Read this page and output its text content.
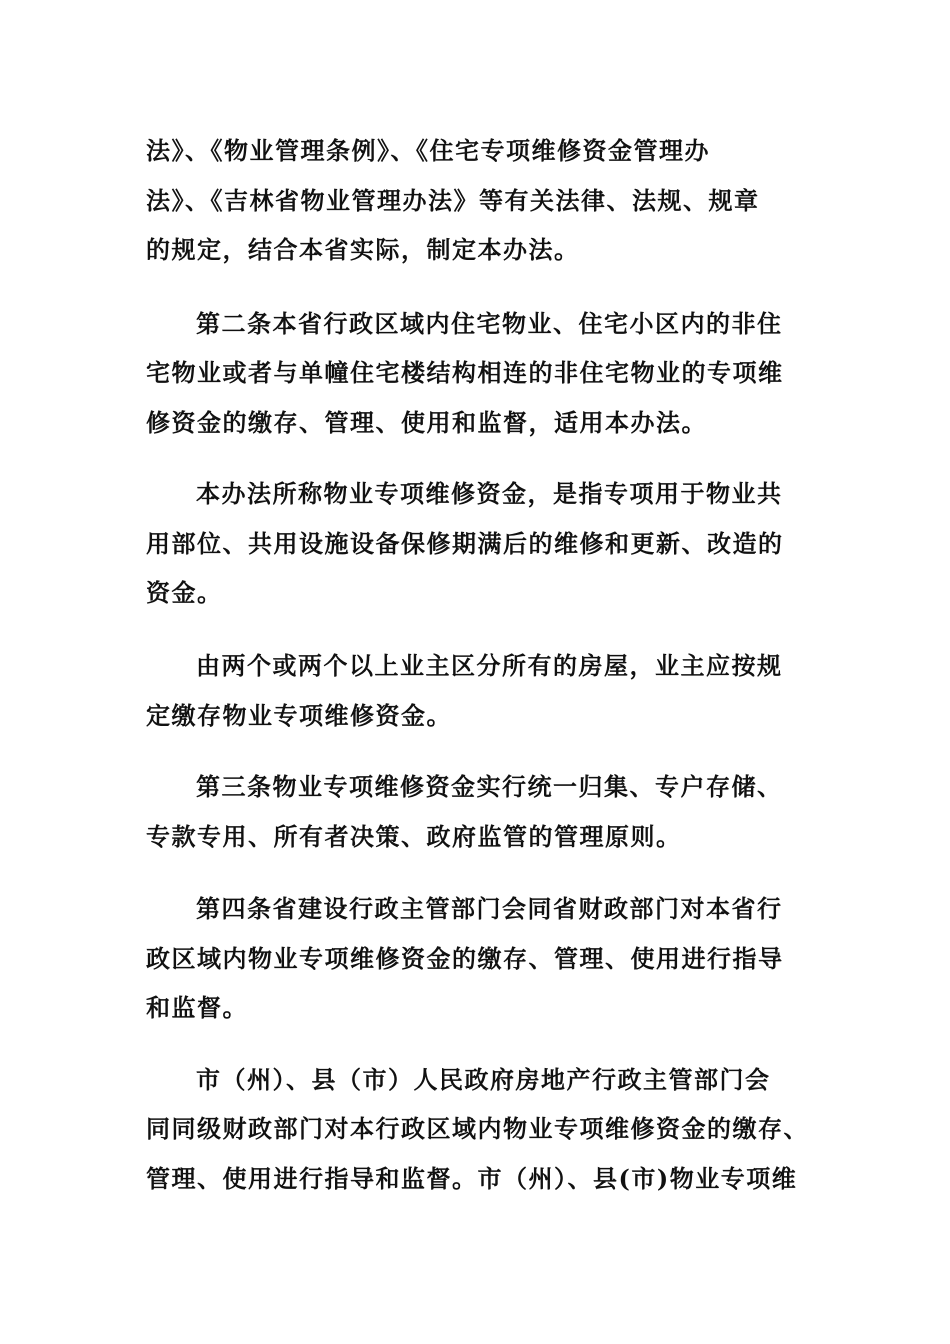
法》、《物业管理条例》、《住宅专项维修资金管理办
法》、《吉林省物业管理办法》等有关法律、法规、规章
的规定，结合本省实际，制定本办法。
第二条本省行政区域内住宅物业、住宅小区内的非住
宅物业或者与单幢住宅楼结构相连的非住宅物业的专项维
修资金的缴存、管理、使用和监督，适用本办法。
本办法所称物业专项维修资金，是指专项用于物业共
用部位、共用设施设备保修期满后的维修和更新、改造的
资金。
由两个或两个以上业主区分所有的房屋，业主应按规
定缴存物业专项维修资金。
第三条物业专项维修资金实行统一归集、专户存储、
专款专用、所有者决策、政府监管的管理原则。
第四条省建设行政主管部门会同省财政部门对本省行
政区域内物业专项维修资金的缴存、管理、使用进行指导
和监督。
市（州）、县（市）人民政府房地产行政主管部门会
同同级财政部门对本行政区域内物业专项维修资金的缴存、
管理、使用进行指导和监督。市（州）、县(市)物业专项维
